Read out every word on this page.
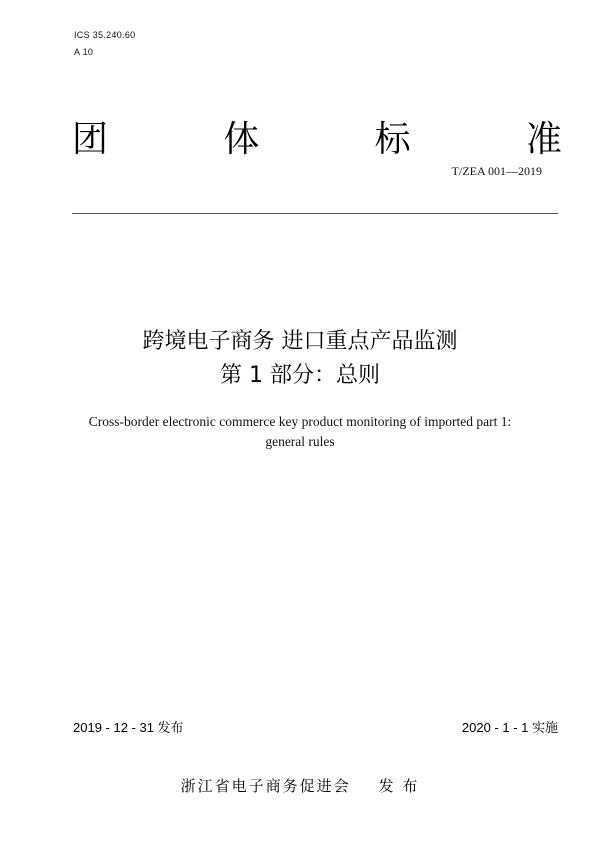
ICS 35.240.60
A 10
团	体	标	准
T/ZEA 001—2019
跨境电子商务 进口重点产品监测
第 1 部分：总则
Cross-border electronic commerce key product monitoring of imported part 1:
general rules
2019 - 12 - 31 发布	2020 - 1 - 1 实施
浙江省电子商务促进会 发 布
